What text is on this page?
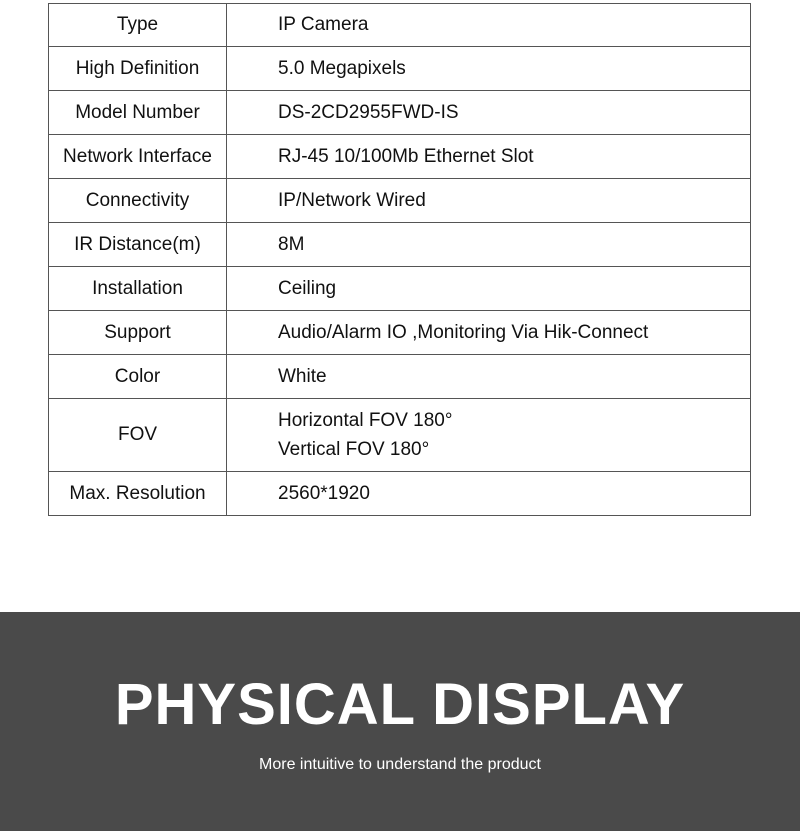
Type	IP Camera
High Definition	5.0 Megapixels
Model Number	DS-2CD2955FWD-IS
Network Interface	RJ-45 10/100Mb Ethernet Slot
Connectivity	IP/Network Wired
IR Distance(m)	8M
Installation	Ceiling
Support	Audio/Alarm IO ,Monitoring Via Hik-Connect
Color	White
FOV	Horizontal FOV 180°
Vertical FOV 180°

Max. Resolution	2560*1920
PHYSICAL DISPLAY
More intuitive to understand the product
